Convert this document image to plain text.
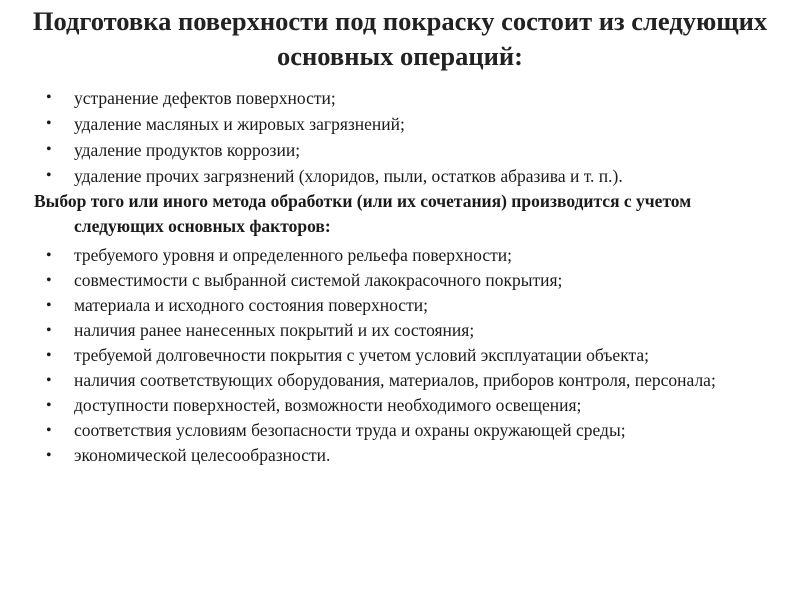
Подготовка поверхности под покраску состоит из следующих основных операций:
• устранение дефектов поверхности;
• удаление масляных и жировых загрязнений;
• удаление продуктов коррозии;
• удаление прочих загрязнений (хлоридов, пыли, остатков абразива и т. п.).

Выбор того или иного метода обработки (или их сочетания) производится с учетом следующих основных факторов:

• требуемого уровня и определенного рельефа поверхности;
• совместимости с выбранной системой лакокрасочного покрытия;
• материала и исходного состояния поверхности;
• наличия ранее нанесенных покрытий и их состояния;
• требуемой долговечности покрытия с учетом условий эксплуатации объекта;
• наличия соответствующих оборудования, материалов, приборов контроля, персонала;
• доступности поверхностей, возможности необходимого освещения;
• соответствия условиям безопасности труда и охраны окружающей среды;
• экономической целесообразности.
